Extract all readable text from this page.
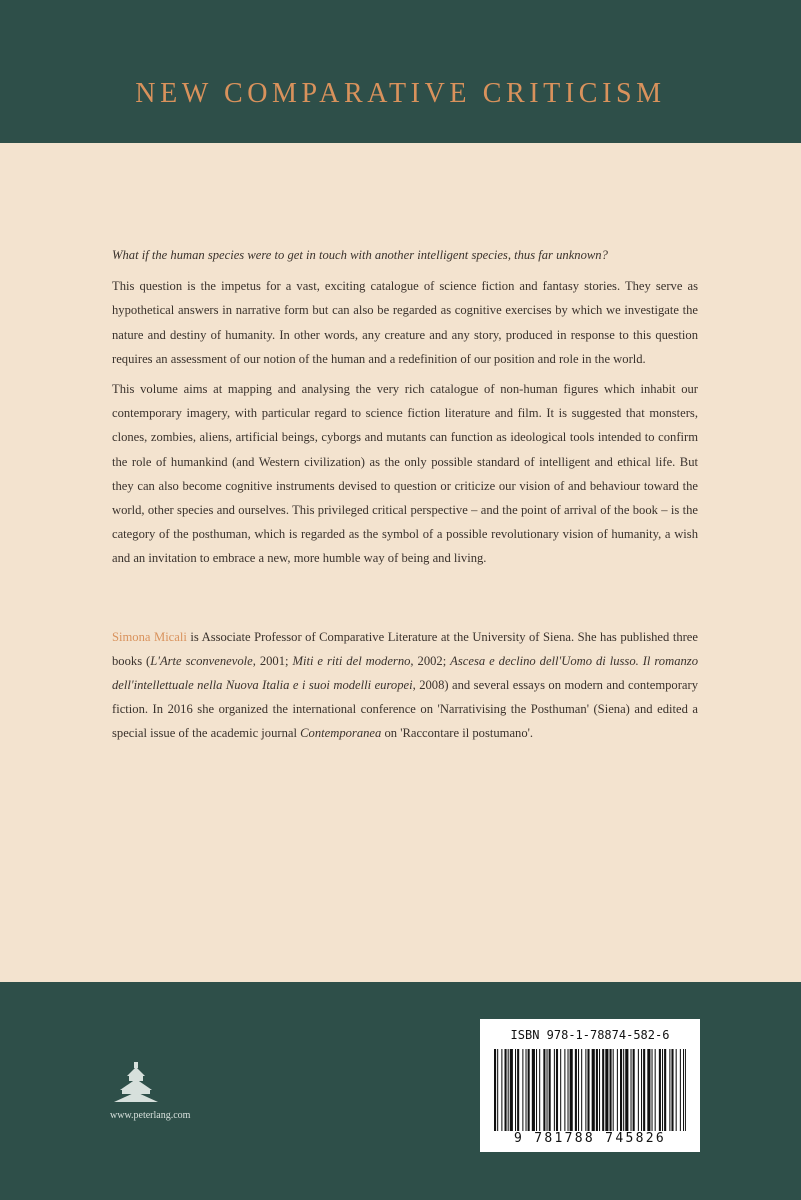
NEW COMPARATIVE CRITICISM

What if the human species were to get in touch with another intelligent species, thus far unknown?

This question is the impetus for a vast, exciting catalogue of science fiction and fantasy stories. They serve as hypothetical answers in narrative form but can also be regarded as cognitive exercises by which we investigate the nature and destiny of humanity. In other words, any creature and any story, produced in response to this question requires an assessment of our notion of the human and a redefinition of our position and role in the world.

This volume aims at mapping and analysing the very rich catalogue of non-human figures which inhabit our contemporary imagery, with particular regard to science fiction literature and film. It is suggested that monsters, clones, zombies, aliens, artificial beings, cyborgs and mutants can function as ideological tools intended to confirm the role of humankind (and Western civilization) as the only possible standard of intelligent and ethical life. But they can also become cognitive instruments devised to question or criticize our vision of and behaviour toward the world, other species and ourselves. This privileged critical perspective – and the point of arrival of the book – is the category of the posthuman, which is regarded as the symbol of a possible revolutionary vision of humanity, a wish and an invitation to embrace a new, more humble way of being and living.

Simona Micali is Associate Professor of Comparative Literature at the University of Siena. She has published three books (L'Arte sconvenevole, 2001; Miti e riti del moderno, 2002; Ascesa e declino dell'Uomo di lusso. Il romanzo dell'intellettuale nella Nuova Italia e i suoi modelli europei, 2008) and several essays on modern and contemporary fiction. In 2016 she organized the international conference on 'Narrativising the Posthuman' (Siena) and edited a special issue of the academic journal Contemporanea on 'Raccontare il postumano'.

www.peterlang.com
ISBN 978-1-78874-582-6
9 781788 745826
